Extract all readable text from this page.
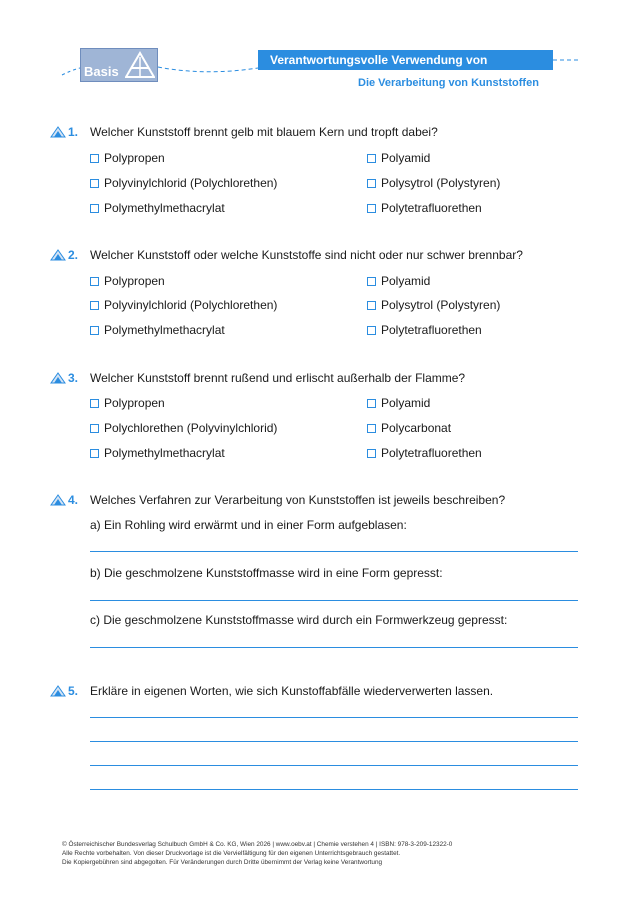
Basis
Verantwortungsvolle Verwendung von Rohstoffen	Die Verarbeitung von Kunststoffen
1. Welcher Kunststoff brennt gelb mit blauem Kern und tropft dabei?
Polypropen	Polyamid
Polyvinylchlorid (Polychlorethen)	Polysytrol (Polystyren)
Polymethylmethacrylat	Polytetrafluorethen
2. Welcher Kunststoff oder welche Kunststoffe sind nicht oder nur schwer brennbar?
Polypropen	Polyamid
Polyvinylchlorid (Polychlorethen)	Polysytrol (Polystyren)
Polymethylmethacrylat	Polytetrafluorethen
3. Welcher Kunststoff brennt rußend und erlischt außerhalb der Flamme?
Polypropen	Polyamid
Polychlorethen (Polyvinylchlorid)	Polycarbonat
Polymethylmethacrylat	Polytetrafluorethen
4. Welches Verfahren zur Verarbeitung von Kunststoffen ist jeweils beschreiben?
a) Ein Rohling wird erwärmt und in einer Form aufgeblasen:
b) Die geschmolzene Kunststoffmasse wird in eine Form gepresst:
c) Die geschmolzene Kunststoffmasse wird durch ein Formwerkzeug gepresst:
5. Erkläre in eigenen Worten, wie sich Kunstoffabfälle wiederverwerten lassen.
© Österreichischer Bundesverlag Schulbuch GmbH & Co. KG, Wien 2026 | www.oebv.at | Chemie verstehen 4 | ISBN: 978-3-209-12322-0
Alle Rechte vorbehalten. Von dieser Druckvorlage ist die Vervielfältigung für den eigenen Unterrichtsgebrauch gestattet.
Die Kopiergebühren sind abgegolten. Für Veränderungen durch Dritte übernimmt der Verlag keine Verantwortung
